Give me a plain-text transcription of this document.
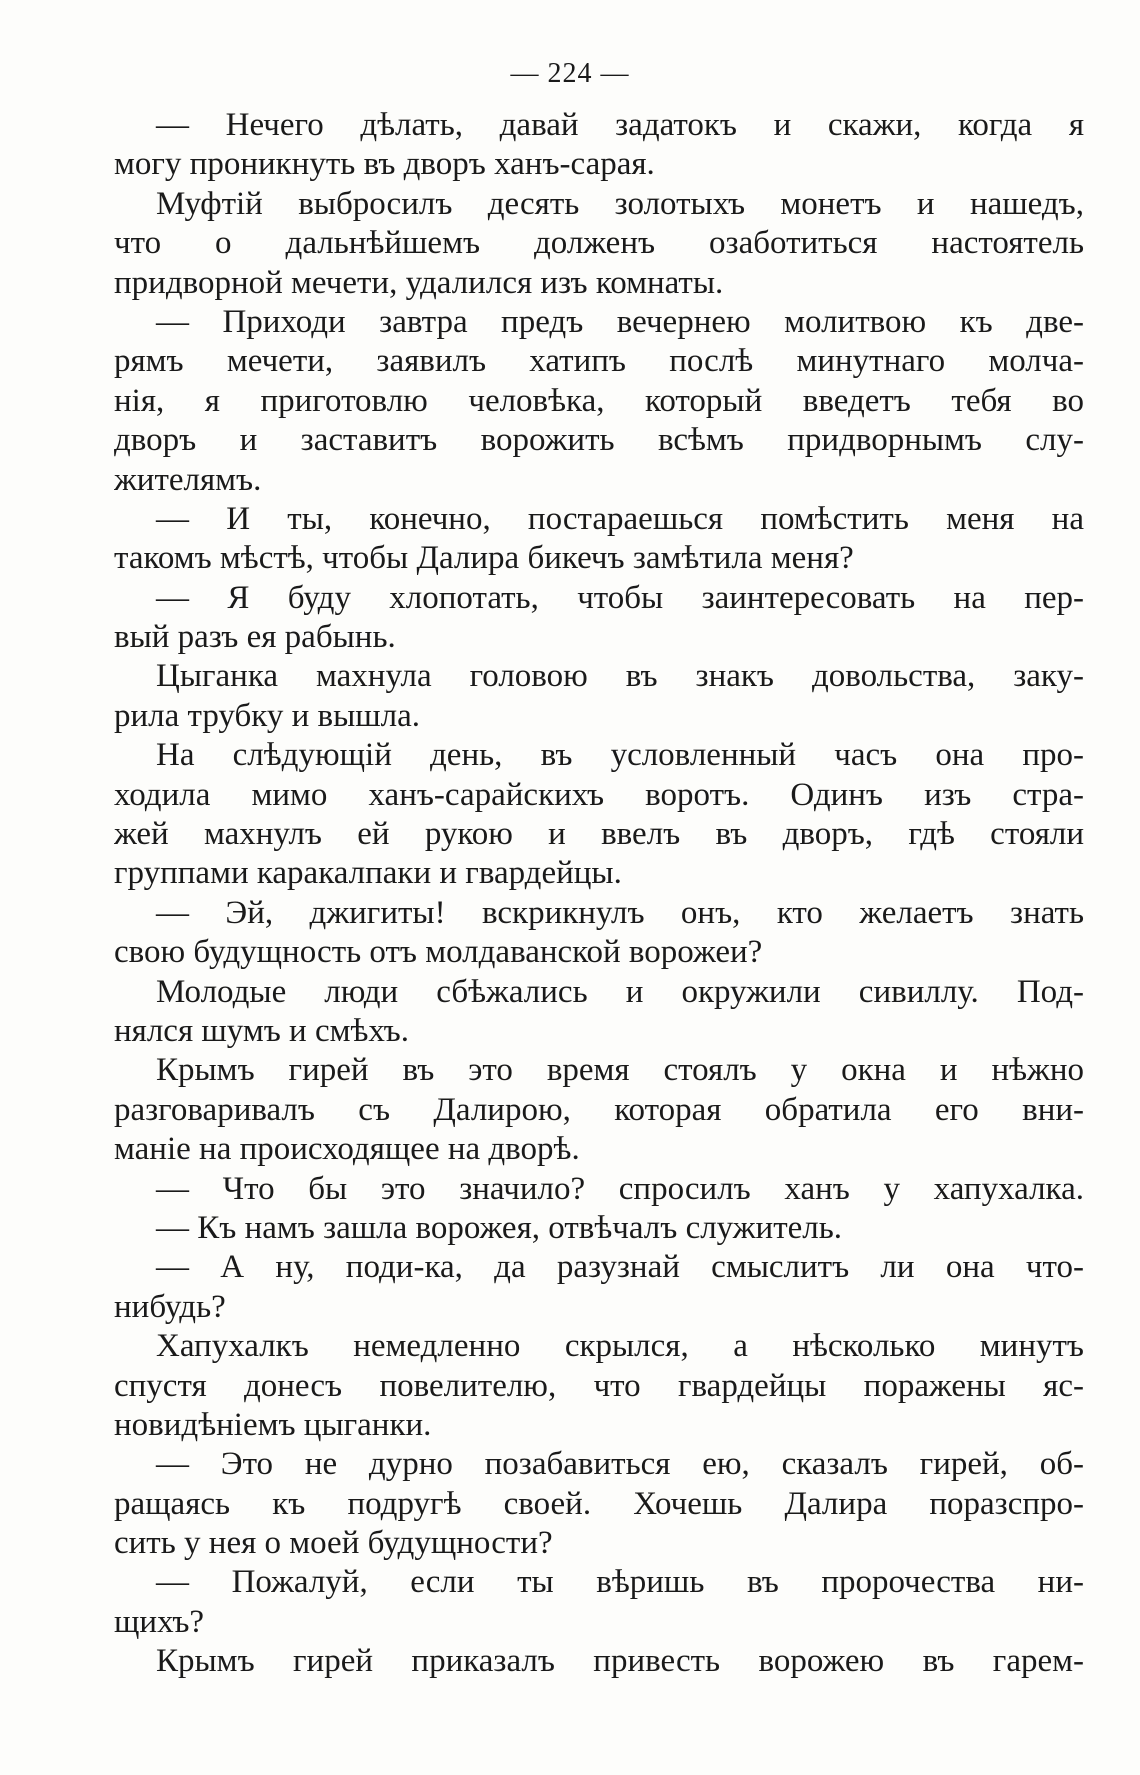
— 224 —
— Нечего дѣлать, давай задатокъ и скажи, когда я
могу проникнуть въ дворъ ханъ-сарая.
Муфтій выбросилъ десять золотыхъ монетъ и нашедъ,
что о дальнѣйшемъ долженъ озаботиться настоятель
придворной мечети, удалился изъ комнаты.
— Приходи завтра предъ вечернею молитвою къ две-
рямъ мечети, заявилъ хатипъ послѣ минутнаго молча-
нія, я приготовлю человѣка, который введетъ тебя во
дворъ и заставитъ ворожить всѣмъ придворнымъ слу-
жителямъ.
— И ты, конечно, постараешься помѣстить меня на
такомъ мѣстѣ, чтобы Далира бикечъ замѣтила меня?
— Я буду хлопотать, чтобы заинтересовать на пер-
вый разъ ея рабынь.
Цыганка махнула головою въ знакъ довольства, заку-
рила трубку и вышла.
На слѣдующій день, въ условленный часъ она про-
ходила мимо ханъ-сарайскихъ воротъ. Одинъ изъ стра-
жей махнулъ ей рукою и ввелъ въ дворъ, гдѣ стояли
группами каракалпаки и гвардейцы.
— Эй, джигиты! вскрикнулъ онъ, кто желаетъ знать
свою будущность отъ молдаванской ворожеи?
Молодые люди сбѣжались и окружили сивиллу. Под-
нялся шумъ и смѣхъ.
Крымъ гирей въ это время стоялъ у окна и нѣжно
разговаривалъ съ Далирою, которая обратила его вни-
маніе на происходящее на дворѣ.
— Что бы это значило? спросилъ ханъ у хапухалка.
— Къ намъ зашла ворожея, отвѣчалъ служитель.
— А ну, поди-ка, да разузнай смыслитъ ли она что-
нибудь?
Хапухалкъ немедленно скрылся, а нѣсколько минутъ
спустя донесъ повелителю, что гвардейцы поражены яс-
новидѣніемъ цыганки.
— Это не дурно позабавиться ею, сказалъ гирей, об-
ращаясь къ подругѣ своей. Хочешь Далира поразспро-
сить у нея о моей будущности?
— Пожалуй, если ты вѣришь въ пророчества ни-
щихъ?
Крымъ гирей приказалъ привесть ворожею въ гарем-
